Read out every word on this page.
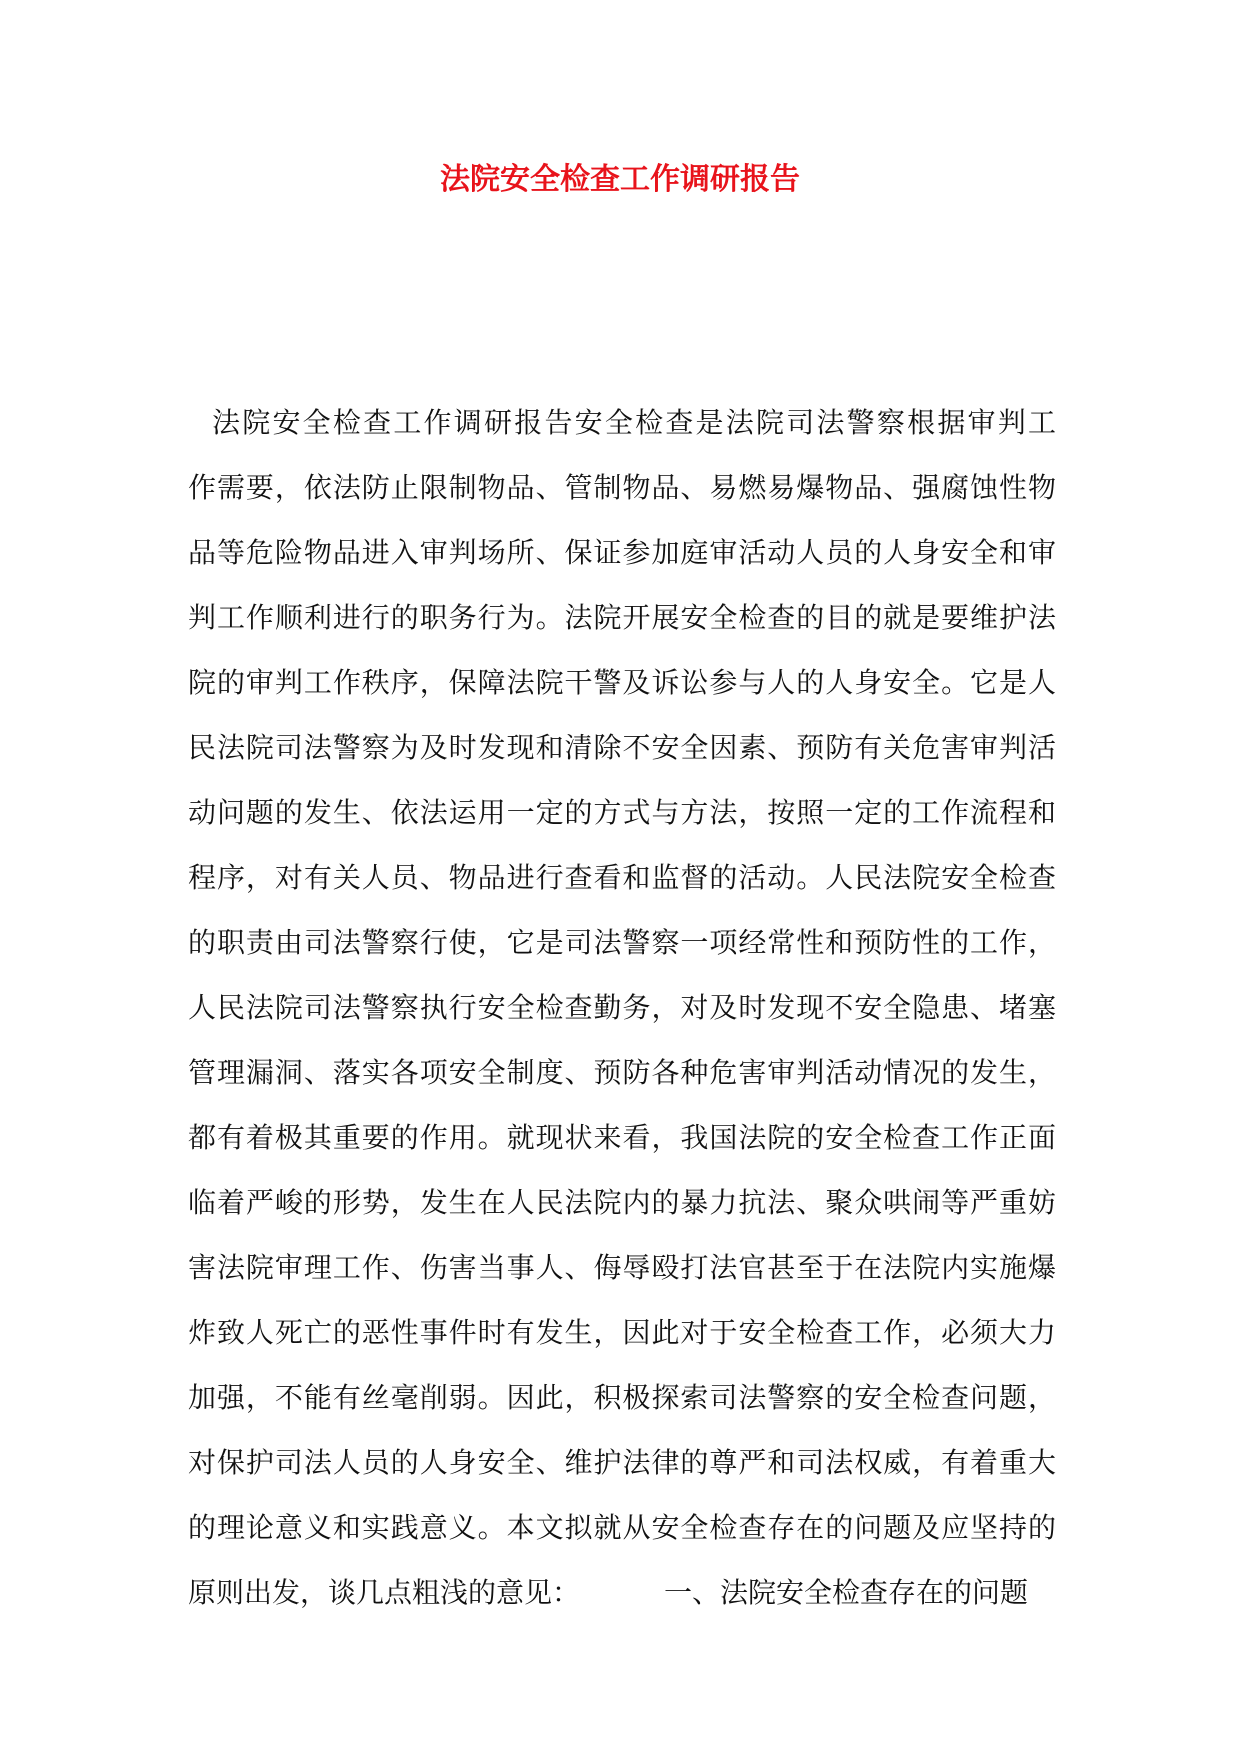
法院安全检查工作调研报告
法院安全检查工作调研报告安全检查是法院司法警察根据审判工
作需要，依法防止限制物品、管制物品、易燃易爆物品、强腐蚀性物
品等危险物品进入审判场所、保证参加庭审活动人员的人身安全和审
判工作顺利进行的职务行为。法院开展安全检查的目的就是要维护法
院的审判工作秩序，保障法院干警及诉讼参与人的人身安全。它是人
民法院司法警察为及时发现和清除不安全因素、预防有关危害审判活
动问题的发生、依法运用一定的方式与方法，按照一定的工作流程和
程序，对有关人员、物品进行查看和监督的活动。人民法院安全检查
的职责由司法警察行使，它是司法警察一项经常性和预防性的工作，
人民法院司法警察执行安全检查勤务，对及时发现不安全隐患、堵塞
管理漏洞、落实各项安全制度、预防各种危害审判活动情况的发生，
都有着极其重要的作用。就现状来看，我国法院的安全检查工作正面
临着严峻的形势，发生在人民法院内的暴力抗法、聚众哄闹等严重妨
害法院审理工作、伤害当事人、侮辱殴打法官甚至于在法院内实施爆
炸致人死亡的恶性事件时有发生，因此对于安全检查工作，必须大力
加强，不能有丝毫削弱。因此，积极探索司法警察的安全检查问题，
对保护司法人员的人身安全、维护法律的尊严和司法权威，有着重大
的理论意义和实践意义。本文拟就从安全检查存在的问题及应坚持的
原则出发，谈几点粗浅的意见：	一、法院安全检查存在的问题
